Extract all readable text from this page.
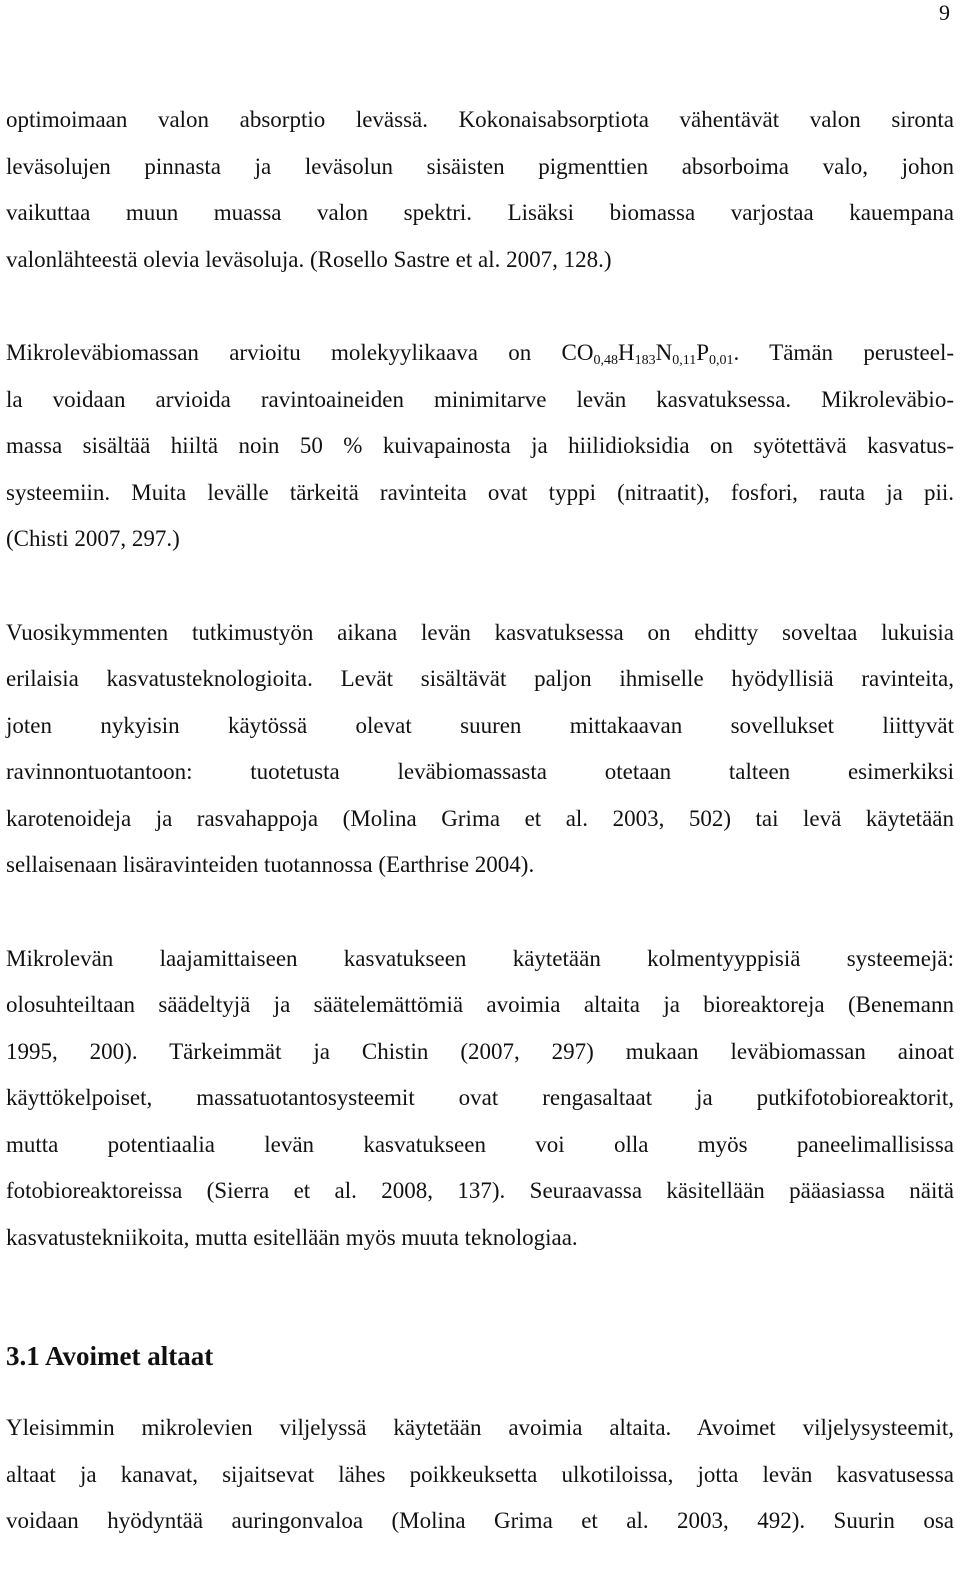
9

optimoimaan valon absorptio levässä. Kokonaisabsorptiota vähentävät valon sironta
leväsolujen pinnasta ja leväsolun sisäisten pigmenttien absorboima valo, johon
vaikuttaa muun muassa valon spektri. Lisäksi biomassa varjostaa kauempana
valonlähteestä olevia leväsoluja. (Rosello Sastre et al. 2007, 128.)

Mikroleväbiomassan arvioitu molekyylikaava on $CO_{0,48}H_{183}N_{0,11}P_{0,01}$. Tämän perusteel-
la voidaan arvioida ravintoaineiden minimitarve levän kasvatuksessa. Mikroleväbio-
massa sisältää hiiltä noin 50 % kuivapainosta ja hiilidioksidia on syötettävä kasvatus-
systeemiin. Muita levälle tärkeitä ravinteita ovat typpi (nitraatit), fosfori, rauta ja pii.
(Chisti 2007, 297.)

Vuosikymmenten tutkimustyön aikana levän kasvatuksessa on ehditty soveltaa lukuisia
erilaisia kasvatusteknologioita. Levät sisältävät paljon ihmiselle hyödyllisiä ravinteita,
joten nykyisin käytössä olevat suuren mittakaavan sovellukset liittyvät
ravinnontuotantoon: tuotetusta leväbiomassasta otetaan talteen esimerkiksi
karotenoideja ja rasvahappoja (Molina Grima et al. 2003, 502) tai levä käytetään
sellaisenaan lisäravinteiden tuotannossa (Earthrise 2004).

Mikrolevän laajamittaiseen kasvatukseen käytetään kolmentyyppisiä systeemejä:
olosuhteiltaan säädeltyjä ja säätelemättömiä avoimia altaita ja bioreaktoreja (Benemann
1995, 200). Tärkeimmät ja Chistin (2007, 297) mukaan leväbiomassan ainoat
käyttökelpoiset, massatuotantosysteemit ovat rengasaltaat ja putkifotobioreaktorit,
mutta potentiaalia levän kasvatukseen voi olla myös paneelimallisissa
fotobioreaktoreissa (Sierra et al. 2008, 137). Seuraavassa käsitellään pääasiassa näitä
kasvatustekniikoita, mutta esitellään myös muuta teknologiaa.

3.1 Avoimet altaat

Yleisimmin mikrolevien viljelyssä käytetään avoimia altaita. Avoimet viljelysysteemit,
altaat ja kanavat, sijaitsevat lähes poikkeuksetta ulkotiloissa, jotta levän kasvatusessa
voidaan hyödyntää auringonvaloa (Molina Grima et al. 2003, 492). Suurin osa
